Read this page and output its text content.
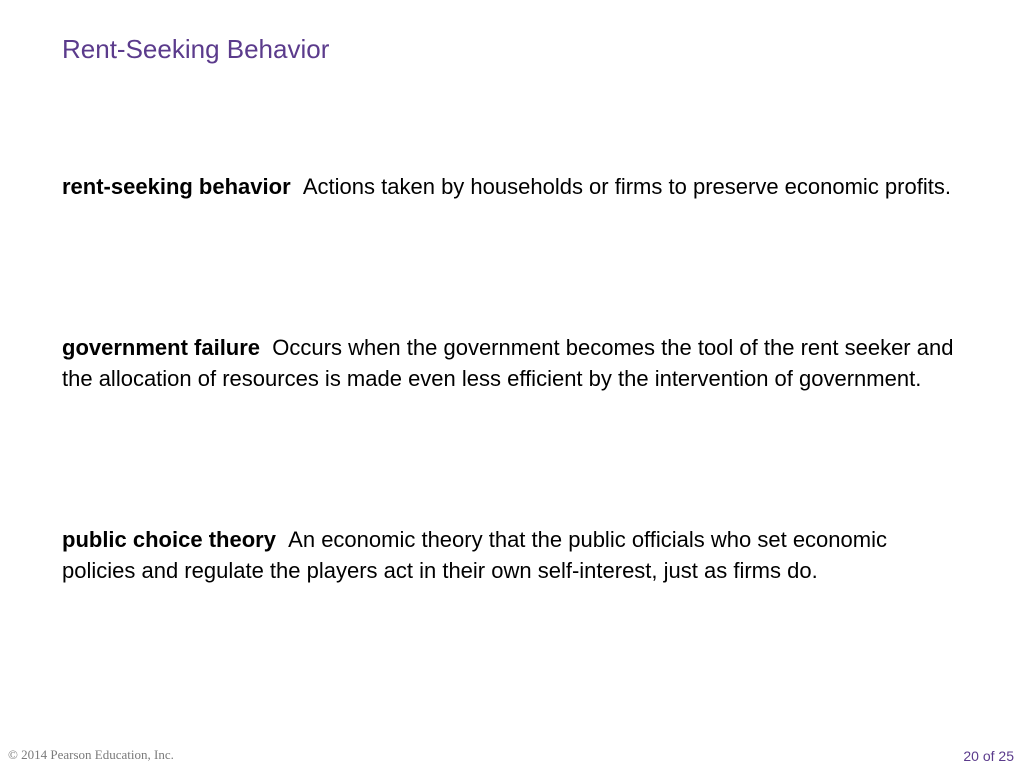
Rent-Seeking Behavior

rent-seeking behavior Actions taken by households or firms to preserve economic profits.

government failure Occurs when the government becomes the tool of the rent seeker and the allocation of resources is made even less efficient by the intervention of government.

public choice theory An economic theory that the public officials who set economic policies and regulate the players act in their own self-interest, just as firms do.

© 2014 Pearson Education, Inc.	20 of 25
